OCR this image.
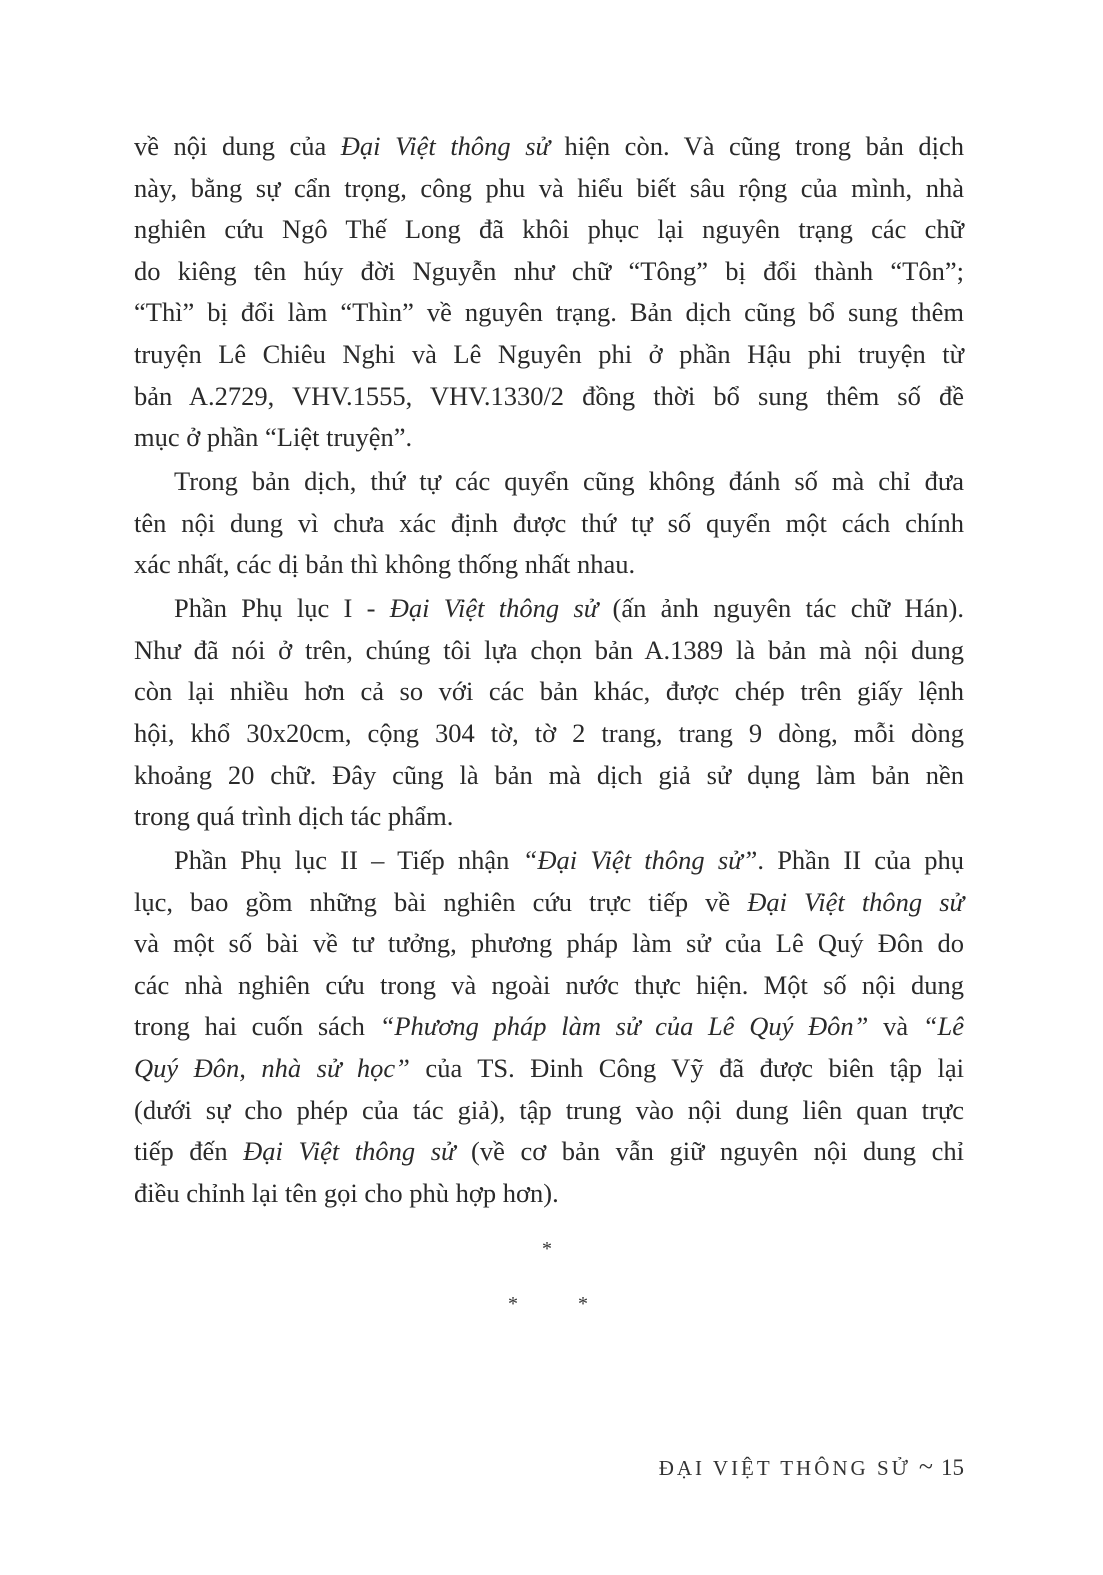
về nội dung của Đại Việt thông sử hiện còn. Và cũng trong bản dịch
này, bằng sự cẩn trọng, công phu và hiểu biết sâu rộng của mình, nhà
nghiên cứu Ngô Thế Long đã khôi phục lại nguyên trạng các chữ
do kiêng tên húy đời Nguyễn như chữ “Tông” bị đổi thành “Tôn”;
“Thì” bị đổi làm “Thìn” về nguyên trạng. Bản dịch cũng bổ sung thêm
truyện Lê Chiêu Nghi và Lê Nguyên phi ở phần Hậu phi truyện từ
bản A.2729, VHV.1555, VHV.1330/2 đồng thời bổ sung thêm số đề
mục ở phần “Liệt truyện”.
Trong bản dịch, thứ tự các quyển cũng không đánh số mà chỉ đưa
tên nội dung vì chưa xác định được thứ tự số quyển một cách chính
xác nhất, các dị bản thì không thống nhất nhau.
Phần Phụ lục I - Đại Việt thông sử (ấn ảnh nguyên tác chữ Hán).
Như đã nói ở trên, chúng tôi lựa chọn bản A.1389 là bản mà nội dung
còn lại nhiều hơn cả so với các bản khác, được chép trên giấy lệnh
hội, khổ 30x20cm, cộng 304 tờ, tờ 2 trang, trang 9 dòng, mỗi dòng
khoảng 20 chữ. Đây cũng là bản mà dịch giả sử dụng làm bản nền
trong quá trình dịch tác phẩm.
Phần Phụ lục II – Tiếp nhận “Đại Việt thông sử”. Phần II của phụ
lục, bao gồm những bài nghiên cứu trực tiếp về Đại Việt thông sử
và một số bài về tư tưởng, phương pháp làm sử của Lê Quý Đôn do
các nhà nghiên cứu trong và ngoài nước thực hiện. Một số nội dung
trong hai cuốn sách “Phương pháp làm sử của Lê Quý Đôn” và “Lê
Quý Đôn, nhà sử học” của TS. Đinh Công Vỹ đã được biên tập lại
(dưới sự cho phép của tác giả), tập trung vào nội dung liên quan trực
tiếp đến Đại Việt thông sử (về cơ bản vẫn giữ nguyên nội dung chỉ
điều chỉnh lại tên gọi cho phù hợp hơn).
*
*	*
ĐẠI VIỆT THÔNG SỬ ~ 15
